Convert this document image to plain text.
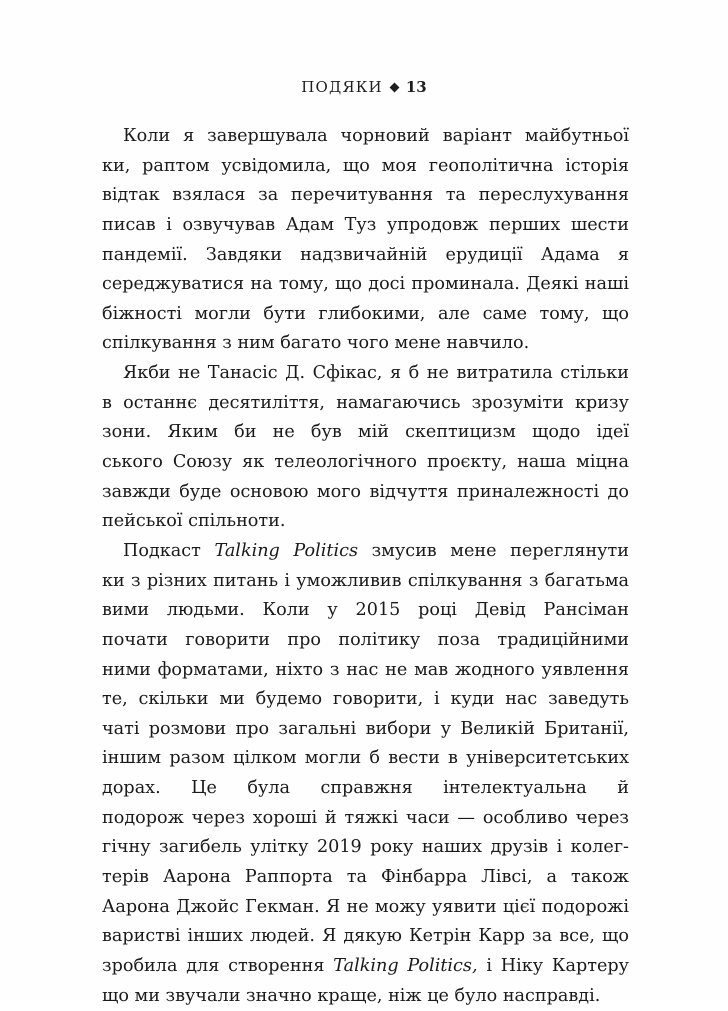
ПОДЯКИ 13
Коли я завершувала чорновий варіант майбутньої
ки, раптом усвідомила, що моя геополітична історія
відтак взялася за перечитування та переслухування
писав і озвучував Адам Туз упродовж перших шести
пандемії. Завдяки надзвичайній ерудиції Адама я
середжуватися на тому, що досі проминала. Деякі наші
біжності могли бути глибокими, але саме тому, що
спілкування з ним багато чого мене навчило.
Якби не Танасіс Д. Сфікас, я б не витратила стільки
в останнє десятиліття, намагаючись зрозуміти кризу
зони. Яким би не був мій скептицизм щодо ідеї
ського Союзу як телеологічного проєкту, наша міцна
завжди буде основою мого відчуття приналежності до
пейської спільноти.
Подкаст Talking Politics змусив мене переглянути
ки з різних питань і уможливив спілкування з багатьма
вими людьми. Коли у 2015 році Девід Рансіман
почати говорити про політику поза традиційними
ними форматами, ніхто з нас не мав жодного уявлення
те, скільки ми будемо говорити, і куди нас заведуть
чаті розмови про загальні вибори у Великій Британії,
іншим разом цілком могли б вести в університетських
дорах. Це була справжня інтелектуальна й
подорож через хороші й тяжкі часи — особливо через
гічну загибель улітку 2019 року наших друзів і колег-
терів Аарона Раппорта та Фінбарра Лівсі, а також
Аарона Джойс Гекман. Я не можу уявити цієї подорожі
варистві інших людей. Я дякую Кетрін Карр за все, що
зробила для створення Talking Politics, і Ніку Картеру
що ми звучали значно краще, ніж це було насправді.
